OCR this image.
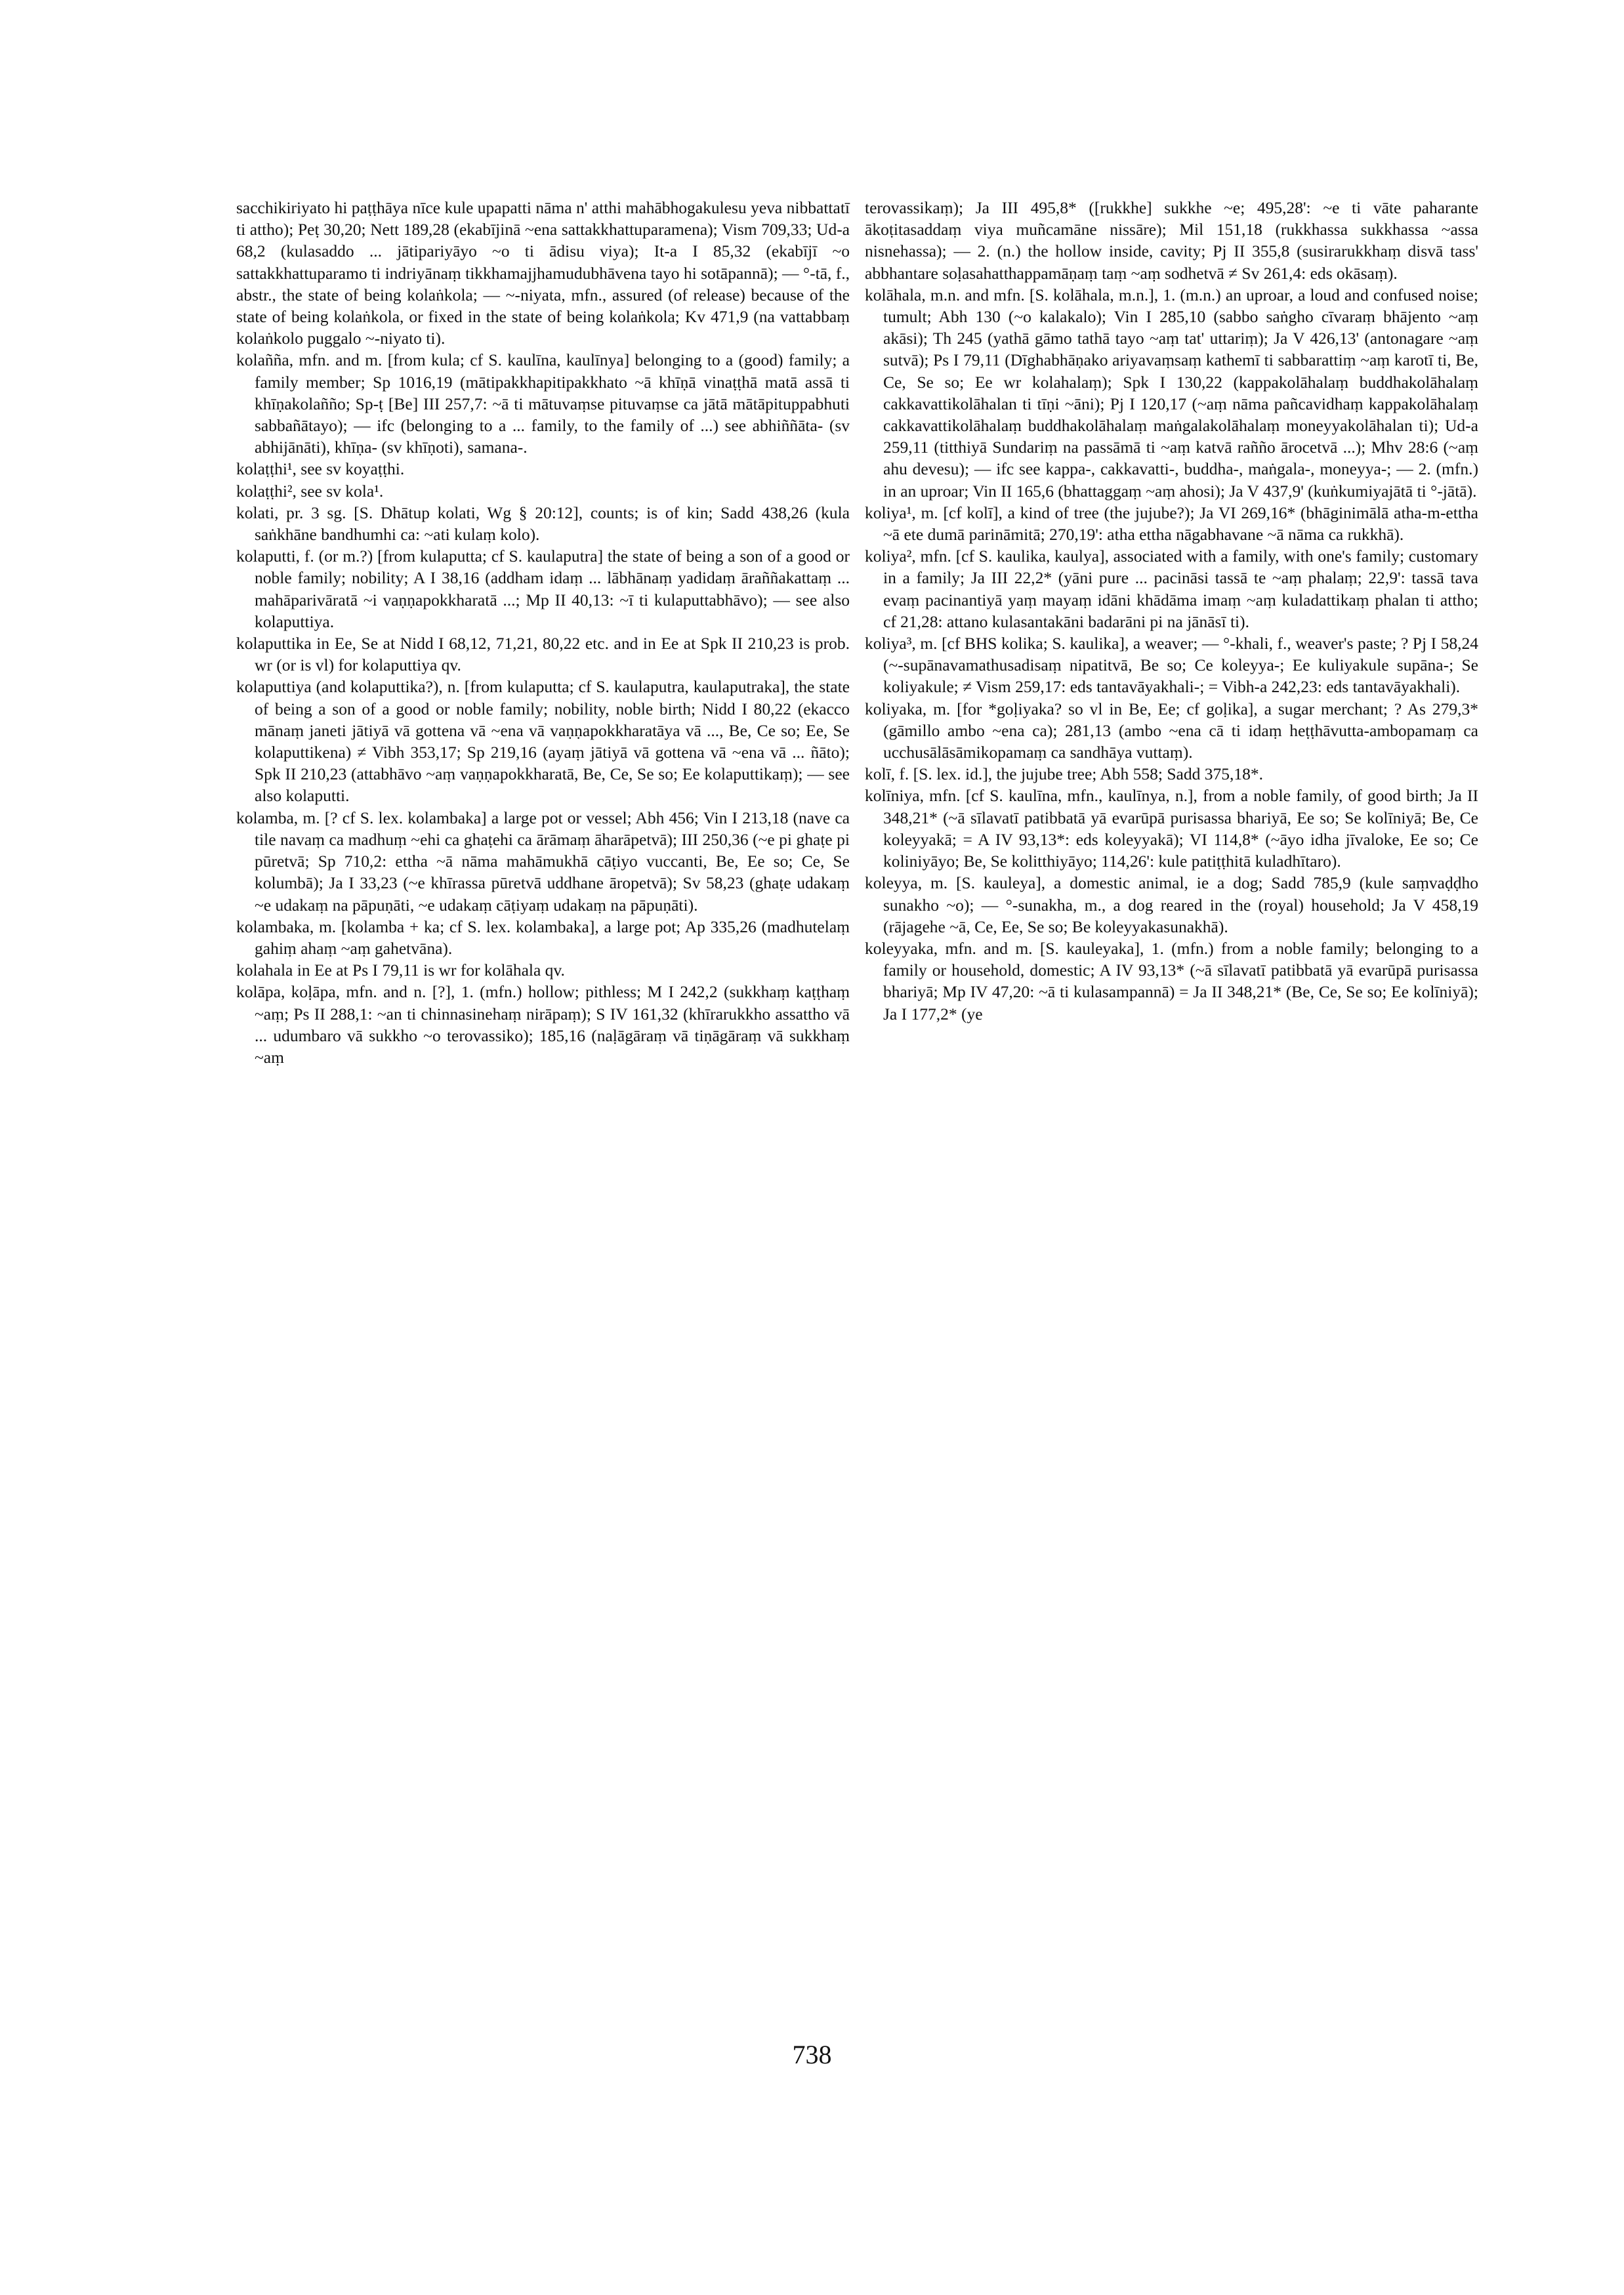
sacchikiriyato hi paṭṭhāya nīce kule upapatti nāma n' atthi mahābhogakulesu yeva nibbattatī ti attho); Peṭ 30,20; Nett 189,28 (ekabījinā ~ena sattakkhattuparamena); Vism 709,33; Ud-a 68,2 (kulasaddo ... jātipariyāyo ~o ti ādisu viya); It-a I 85,32 (ekabījī ~o sattakkhattuparamo ti indriyānaṃ tikkhamajjhamudubhāvena tayo hi sotāpannā); — °-tā, f., abstr., the state of being kolaṅkola; — ~-niyata, mfn., assured (of release) because of the state of being kolaṅkola, or fixed in the state of being kolaṅkola; Kv 471,9 (na vattabbaṃ kolaṅkolo puggalo ~-niyato ti).

kolañña, mfn. and m. [from kula; cf S. kaulīna, kaulīnya] belonging to a (good) family; a family member; Sp 1016,19 (mātipakkhapitipakkhato ~ā khīṇā vinaṭṭhā matā assā ti khīṇakolañño; Sp-ṭ [Be] III 257,7: ~ā ti mātuvaṃse pituvaṃse ca jātā mātāpituppabhuti sabbañātayo); — ifc (belonging to a ... family, to the family of ...) see abhiññāta- (sv abhijānāti), khīṇa- (sv khīṇoti), samana-.

kolaṭṭhi¹, see sv koyaṭṭhi.

kolaṭṭhi², see sv kola¹.

kolati, pr. 3 sg. [S. Dhātup kolati, Wg § 20:12], counts; is of kin; Sadd 438,26 (kula saṅkhāne bandhumhi ca: ~ati kulaṃ kolo).

kolaputti, f. (or m.?) [from kulaputta; cf S. kaulaputra] the state of being a son of a good or noble family; nobility; A I 38,16 (addham idaṃ ... lābhānaṃ yadidaṃ āraññakattaṃ ... mahāparivāratā ~i vaṇṇapokkharatā ...; Mp II 40,13: ~ī ti kulaputtabhāvo); — see also kolaputtiya.

kolaputtika in Ee, Se at Nidd I 68,12, 71,21, 80,22 etc. and in Ee at Spk II 210,23 is prob. wr (or is vl) for kolaputtiya qv.

kolaputtiya (and kolaputtika?), n. [from kulaputta; cf S. kaulaputra, kaulaputraka], the state of being a son of a good or noble family; nobility, noble birth; Nidd I 80,22 (ekacco mānaṃ janeti jātiyā vā gottena vā ~ena vā vaṇṇapokkharatāya vā ..., Be, Ce so; Ee, Se kolaputtikena) ≠ Vibh 353,17; Sp 219,16 (ayaṃ jātiyā vā gottena vā ~ena vā ... ñāto); Spk II 210,23 (attabhāvo ~aṃ vaṇṇapokkharatā, Be, Ce, Se so; Ee kolaputtikaṃ); — see also kolaputti.

kolamba, m. [? cf S. lex. kolambaka] a large pot or vessel; Abh 456; Vin I 213,18 (nave ca tile navaṃ ca madhuṃ ~ehi ca ghaṭehi ca ārāmaṃ āharāpetvā); III 250,36 (~e pi ghaṭe pi pūretvā; Sp 710,2: ettha ~ā nāma mahāmukhā cāṭiyo vuccanti, Be, Ee so; Ce, Se kolumbā); Ja I 33,23 (~e khīrassa pūretvā uddhane āropetvā); Sv 58,23 (ghaṭe udakaṃ ~e udakaṃ na pāpuṇāti, ~e udakaṃ cāṭiyaṃ udakaṃ na pāpuṇāti).

kolambaka, m. [kolamba + ka; cf S. lex. kolambaka], a large pot; Ap 335,26 (madhutelaṃ gahiṃ ahaṃ ~aṃ gahetvāna).

kolahala in Ee at Ps I 79,11 is wr for kolāhala qv.

kolāpa, koḷāpa, mfn. and n. [?], 1. (mfn.) hollow; pithless; M I 242,2 (sukkhaṃ kaṭṭhaṃ ~aṃ; Ps II 288,1: ~an ti chinnasinehaṃ nirāpaṃ); S IV 161,32 (khīrarukkho assattho vā ... udumbaro vā sukkho ~o terovassiko); 185,16 (naḷāgāraṃ vā tiṇāgāraṃ vā sukkhaṃ ~aṃ

terovassikaṃ); Ja III 495,8* ([rukkhe] sukkhe ~e; 495,28': ~e ti vāte paharante ākoṭitasaddaṃ viya muñcamāne nissāre); Mil 151,18 (rukkhassa sukkhassa ~assa nisnehassa); — 2. (n.) the hollow inside, cavity; Pj II 355,8 (susirarukkhaṃ disvā tass' abbhantare soḷasahatthappamāṇaṃ taṃ ~aṃ sodhetvā ≠ Sv 261,4: eds okāsaṃ).

kolāhala, m.n. and mfn. [S. kolāhala, m.n.], 1. (m.n.) an uproar, a loud and confused noise; tumult; Abh 130 (~o kalakalo); Vin I 285,10 (sabbo saṅgho cīvaraṃ bhājento ~aṃ akāsi); Th 245 (yathā gāmo tathā tayo ~aṃ tat' uttariṃ); Ja V 426,13' (antonagare ~aṃ sutvā); Ps I 79,11 (Dīghabhāṇako ariyavaṃsaṃ kathemī ti sabbarattiṃ ~aṃ karotī ti, Be, Ce, Se so; Ee wr kolahalaṃ); Spk I 130,22 (kappakolāhalaṃ buddhakolāhalaṃ cakkavattikolāhalan ti tīṇi ~āni); Pj I 120,17 (~aṃ nāma pañcavidhaṃ kappakolāhalaṃ cakkavattikolāhalaṃ buddhakolāhalaṃ maṅgalakolāhalaṃ moneyyakolāhalan ti); Ud-a 259,11 (titthiyā Sundariṃ na passāmā ti ~aṃ katvā rañño ārocetvā ...); Mhv 28:6 (~aṃ ahu devesu); — ifc see kappa-, cakkavatti-, buddha-, maṅgala-, moneyya-; — 2. (mfn.) in an uproar; Vin II 165,6 (bhattaggaṃ ~aṃ ahosi); Ja V 437,9' (kuṅkumiyajātā ti °-jātā).

koliya¹, m. [cf kolī], a kind of tree (the jujube?); Ja VI 269,16* (bhāginimālā atha-m-ettha ~ā ete dumā parināmitā; 270,19': atha ettha nāgabhavane ~ā nāma ca rukkhā).

koliya², mfn. [cf S. kaulika, kaulya], associated with a family, with one's family; customary in a family; Ja III 22,2* (yāni pure ... pacināsi tassā te ~aṃ phalaṃ; 22,9': tassā tava evaṃ pacinantiyā yaṃ mayaṃ idāni khādāma imaṃ ~aṃ kuladattikaṃ phalan ti attho; cf 21,28: attano kulasantakāni badarāni pi na jānāsī ti).

koliya³, m. [cf BHS kolika; S. kaulika], a weaver; — °-khali, f., weaver's paste; ? Pj I 58,24 (~-supānavamathusadisaṃ nipatitvā, Be so; Ce koleyya-; Ee kuliyakule supāna-; Se koliyakule; ≠ Vism 259,17: eds tantavāyakhali-; = Vibh-a 242,23: eds tantavāyakhali).

koliyaka, m. [for *goḷiyaka? so vl in Be, Ee; cf goḷika], a sugar merchant; ? As 279,3* (gāmillo ambo ~ena ca); 281,13 (ambo ~ena cā ti idaṃ heṭṭhāvutta-ambopamaṃ ca ucchusālāsāmikopamaṃ ca sandhāya vuttaṃ).

kolī, f. [S. lex. id.], the jujube tree; Abh 558; Sadd 375,18*.

kolīniya, mfn. [cf S. kaulīna, mfn., kaulīnya, n.], from a noble family, of good birth; Ja II 348,21* (~ā sīlavatī patibbatā yā evarūpā purisassa bhariyā, Ee so; Se kolīniyā; Be, Ce koleyyakā; = A IV 93,13*: eds koleyyakā); VI 114,8* (~āyo idha jīvaloke, Ee so; Ce koliniyāyo; Be, Se kolitthiyāyo; 114,26': kule patiṭṭhitā kuladhītaro).

koleyya, m. [S. kauleya], a domestic animal, ie a dog; Sadd 785,9 (kule saṃvaḍḍho sunakho ~o); — °-sunakha, m., a dog reared in the (royal) household; Ja V 458,19 (rājagehe ~ā, Ce, Ee, Se so; Be koleyyakasunakhā).

koleyyaka, mfn. and m. [S. kauleyaka], 1. (mfn.) from a noble family; belonging to a family or household, domestic; A IV 93,13* (~ā sīlavatī patibbatā yā evarūpā purisassa bhariyā; Mp IV 47,20: ~ā ti kulasampannā) = Ja II 348,21* (Be, Ce, Se so; Ee kolīniyā); Ja I 177,2* (ye

738
